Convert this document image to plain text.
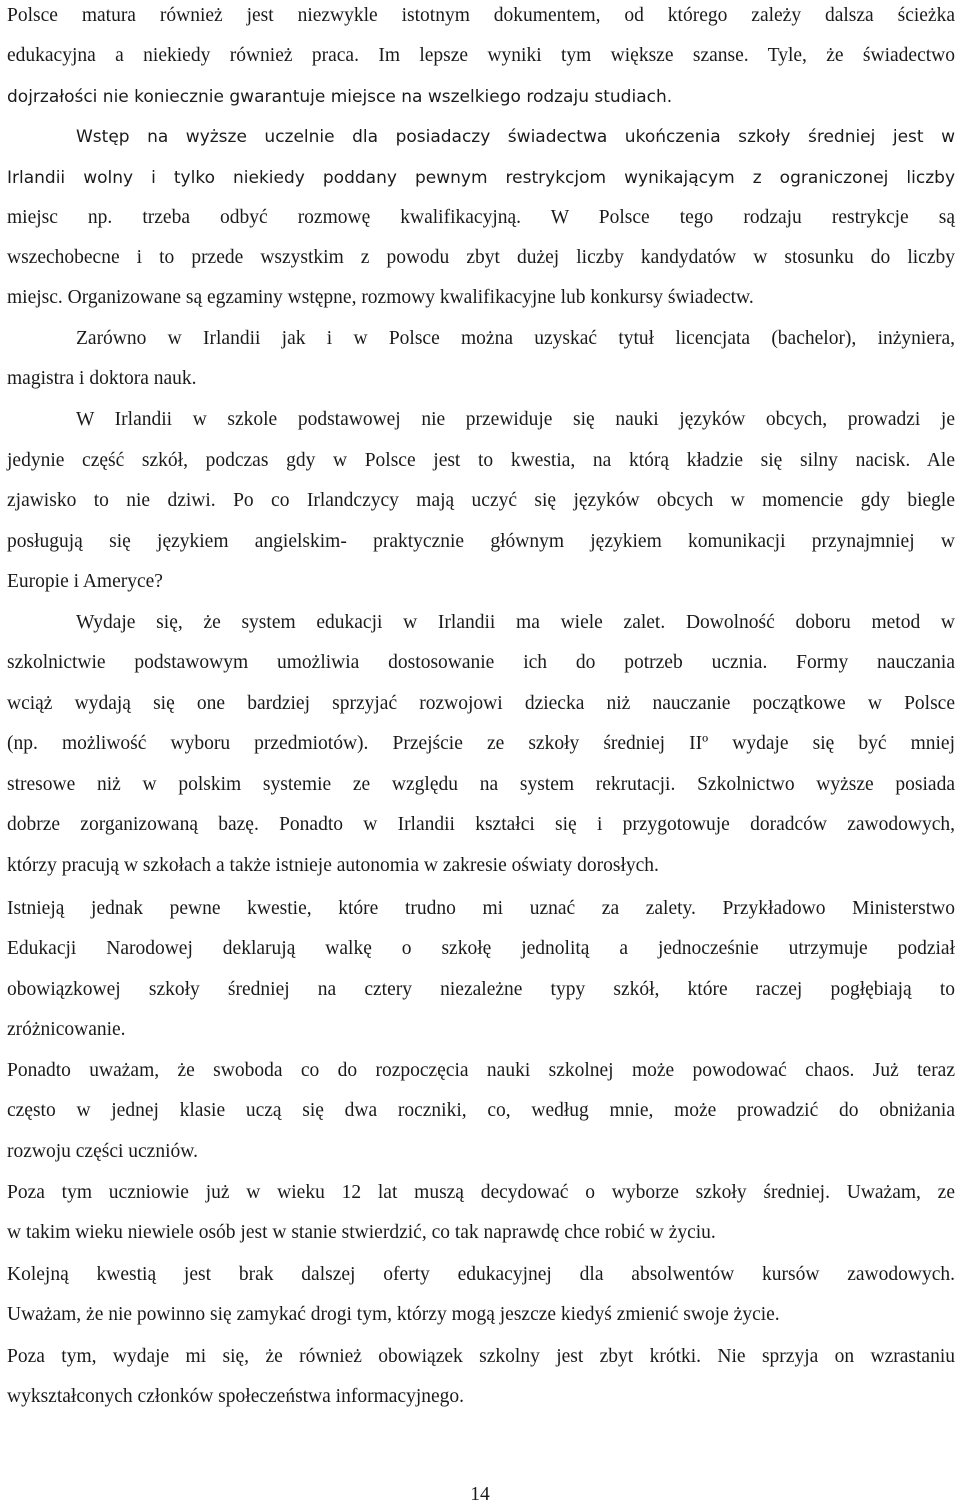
Polsce matura również jest niezwykle istotnym dokumentem, od którego zależy dalsza ścieżka
edukacyjna a niekiedy również praca. Im lepsze wyniki tym większe szanse. Tyle, że świadectwo
dojrzałości nie koniecznie gwarantuje miejsce na wszelkiego rodzaju studiach.
Wstęp na wyższe uczelnie dla posiadaczy świadectwa ukończenia szkoły średniej jest w
Irlandii wolny i tylko niekiedy poddany pewnym restrykcjom wynikającym z ograniczonej liczby
miejsc np. trzeba odbyć rozmowę kwalifikacyjną. W Polsce tego rodzaju restrykcje są
wszechobecne i to przede wszystkim z powodu zbyt dużej liczby kandydatów w stosunku do liczby
miejsc. Organizowane są egzaminy wstępne, rozmowy kwalifikacyjne lub konkursy świadectw.
Zarówno w Irlandii jak i w Polsce można uzyskać tytuł licencjata (bachelor), inżyniera,
magistra i doktora nauk.
W Irlandii w szkole podstawowej nie przewiduje się nauki języków obcych, prowadzi je
jedynie część szkół, podczas gdy w Polsce jest to kwestia, na którą kładzie się silny nacisk. Ale
zjawisko to nie dziwi. Po co Irlandczycy mają uczyć się języków obcych w momencie gdy biegle
posługują się językiem angielskim- praktycznie głównym językiem komunikacji przynajmniej w
Europie i Ameryce?
Wydaje się, że system edukacji w Irlandii ma wiele zalet. Dowolność doboru metod w
szkolnictwie podstawowym umożliwia dostosowanie ich do potrzeb ucznia. Formy nauczania
wciąż wydają się one bardziej sprzyjać rozwojowi dziecka niż nauczanie początkowe w Polsce
(np. możliwość wyboru przedmiotów). Przejście ze szkoły średniej IIº wydaje się być mniej
stresowe niż w polskim systemie ze względu na system rekrutacji. Szkolnictwo wyższe posiada
dobrze zorganizowaną bazę. Ponadto w Irlandii kształci się i przygotowuje doradców zawodowych,
którzy pracują w szkołach a także istnieje autonomia w zakresie oświaty dorosłych.
Istnieją jednak pewne kwestie, które trudno mi uznać za zalety. Przykładowo Ministerstwo
Edukacji Narodowej deklarują walkę o szkołę jednolitą a jednocześnie utrzymuje podział
obowiązkowej szkoły średniej na cztery niezależne typy szkół, które raczej pogłębiają to
zróżnicowanie.
Ponadto uważam, że swoboda co do rozpoczęcia nauki szkolnej może powodować chaos. Już teraz
często w jednej klasie uczą się dwa roczniki, co, według mnie, może prowadzić do obniżania
rozwoju części uczniów.
Poza tym uczniowie już w wieku 12 lat muszą decydować o wyborze szkoły średniej. Uważam, ze
w takim wieku niewiele osób jest w stanie stwierdzić, co tak naprawdę chce robić w życiu.
Kolejną kwestią jest brak dalszej oferty edukacyjnej dla absolwentów kursów zawodowych.
Uważam, że nie powinno się zamykać drogi tym, którzy mogą jeszcze kiedyś zmienić swoje życie.
Poza tym, wydaje mi się, że również obowiązek szkolny jest zbyt krótki. Nie sprzyja on wzrastaniu
wykształconych członków społeczeństwa informacyjnego.
14
